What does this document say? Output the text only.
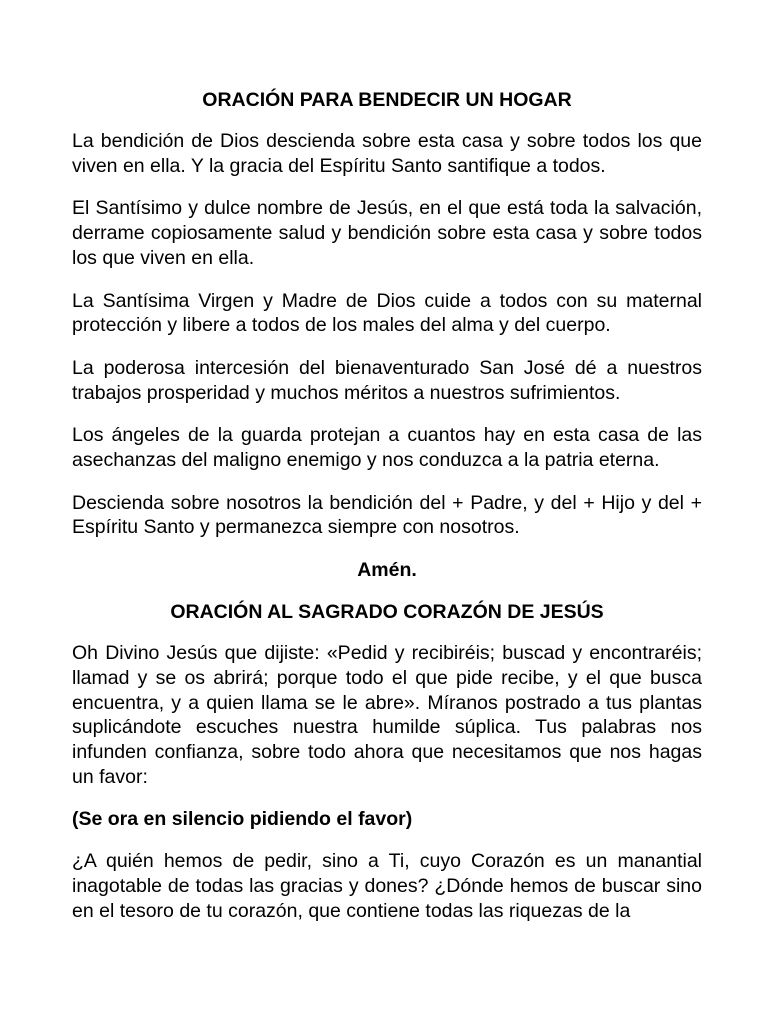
ORACIÓN PARA BENDECIR UN HOGAR

La bendición de Dios descienda sobre esta casa y sobre todos los que viven en ella. Y la gracia del Espíritu Santo santifique a todos.

El Santísimo y dulce nombre de Jesús, en el que está toda la salvación, derrame copiosamente salud y bendición sobre esta casa y sobre todos los que viven en ella.

La Santísima Virgen y Madre de Dios cuide a todos con su maternal protección y libere a todos de los males del alma y del cuerpo.

La poderosa intercesión del bienaventurado San José dé a nuestros trabajos prosperidad y muchos méritos a nuestros sufrimientos.

Los ángeles de la guarda protejan a cuantos hay en esta casa de las asechanzas del maligno enemigo y nos conduzca a la patria eterna.

Descienda sobre nosotros la bendición del + Padre, y del + Hijo y del + Espíritu Santo y permanezca siempre con nosotros.

Amén.

ORACIÓN AL SAGRADO CORAZÓN DE JESÚS

Oh Divino Jesús que dijiste: «Pedid y recibiréis; buscad y encontraréis; llamad y se os abrirá; porque todo el que pide recibe, y el que busca encuentra, y a quien llama se le abre». Míranos postrado a tus plantas suplicándote escuches nuestra humilde súplica. Tus palabras nos infunden confianza, sobre todo ahora que necesitamos que nos hagas un favor:

(Se ora en silencio pidiendo el favor)

¿A quién hemos de pedir, sino a Ti, cuyo Corazón es un manantial inagotable de todas las gracias y dones? ¿Dónde hemos de buscar sino en el tesoro de tu corazón, que contiene todas las riquezas de la
